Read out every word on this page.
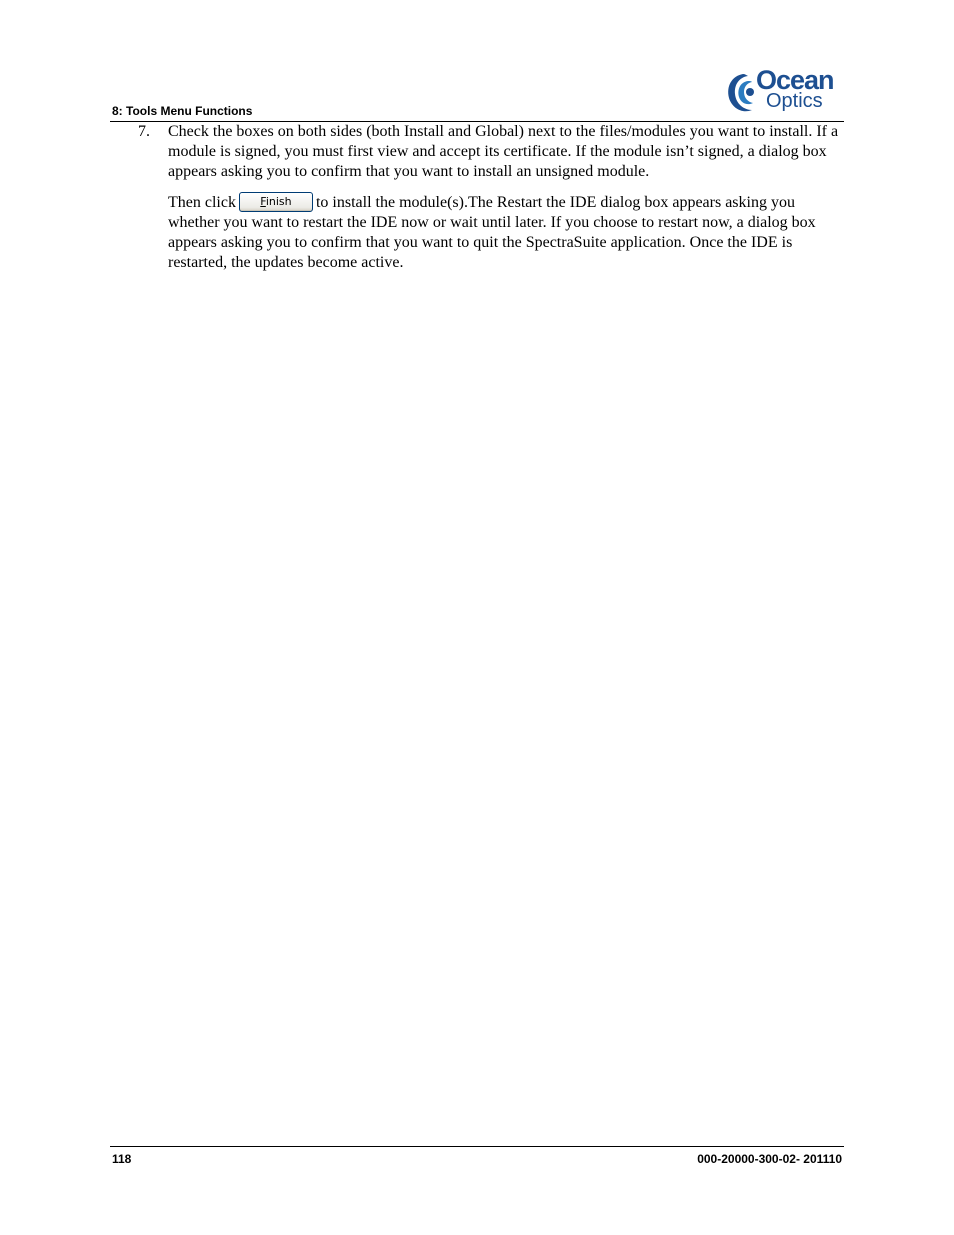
Ocean
Optics
8: Tools Menu Functions
7. Check the boxes on both sides (both Install and Global) next to the files/modules you want to install. If a module is signed, you must first view and accept its certificate. If the module isn’t signed, a dialog box appears asking you to confirm that you want to install an unsigned module.

Then click Finish to install the module(s).The Restart the IDE dialog box appears asking you whether you want to restart the IDE now or wait until later. If you choose to restart now, a dialog box appears asking you to confirm that you want to quit the SpectraSuite application. Once the IDE is restarted, the updates become active.

118	000-20000-300-02- 201110
